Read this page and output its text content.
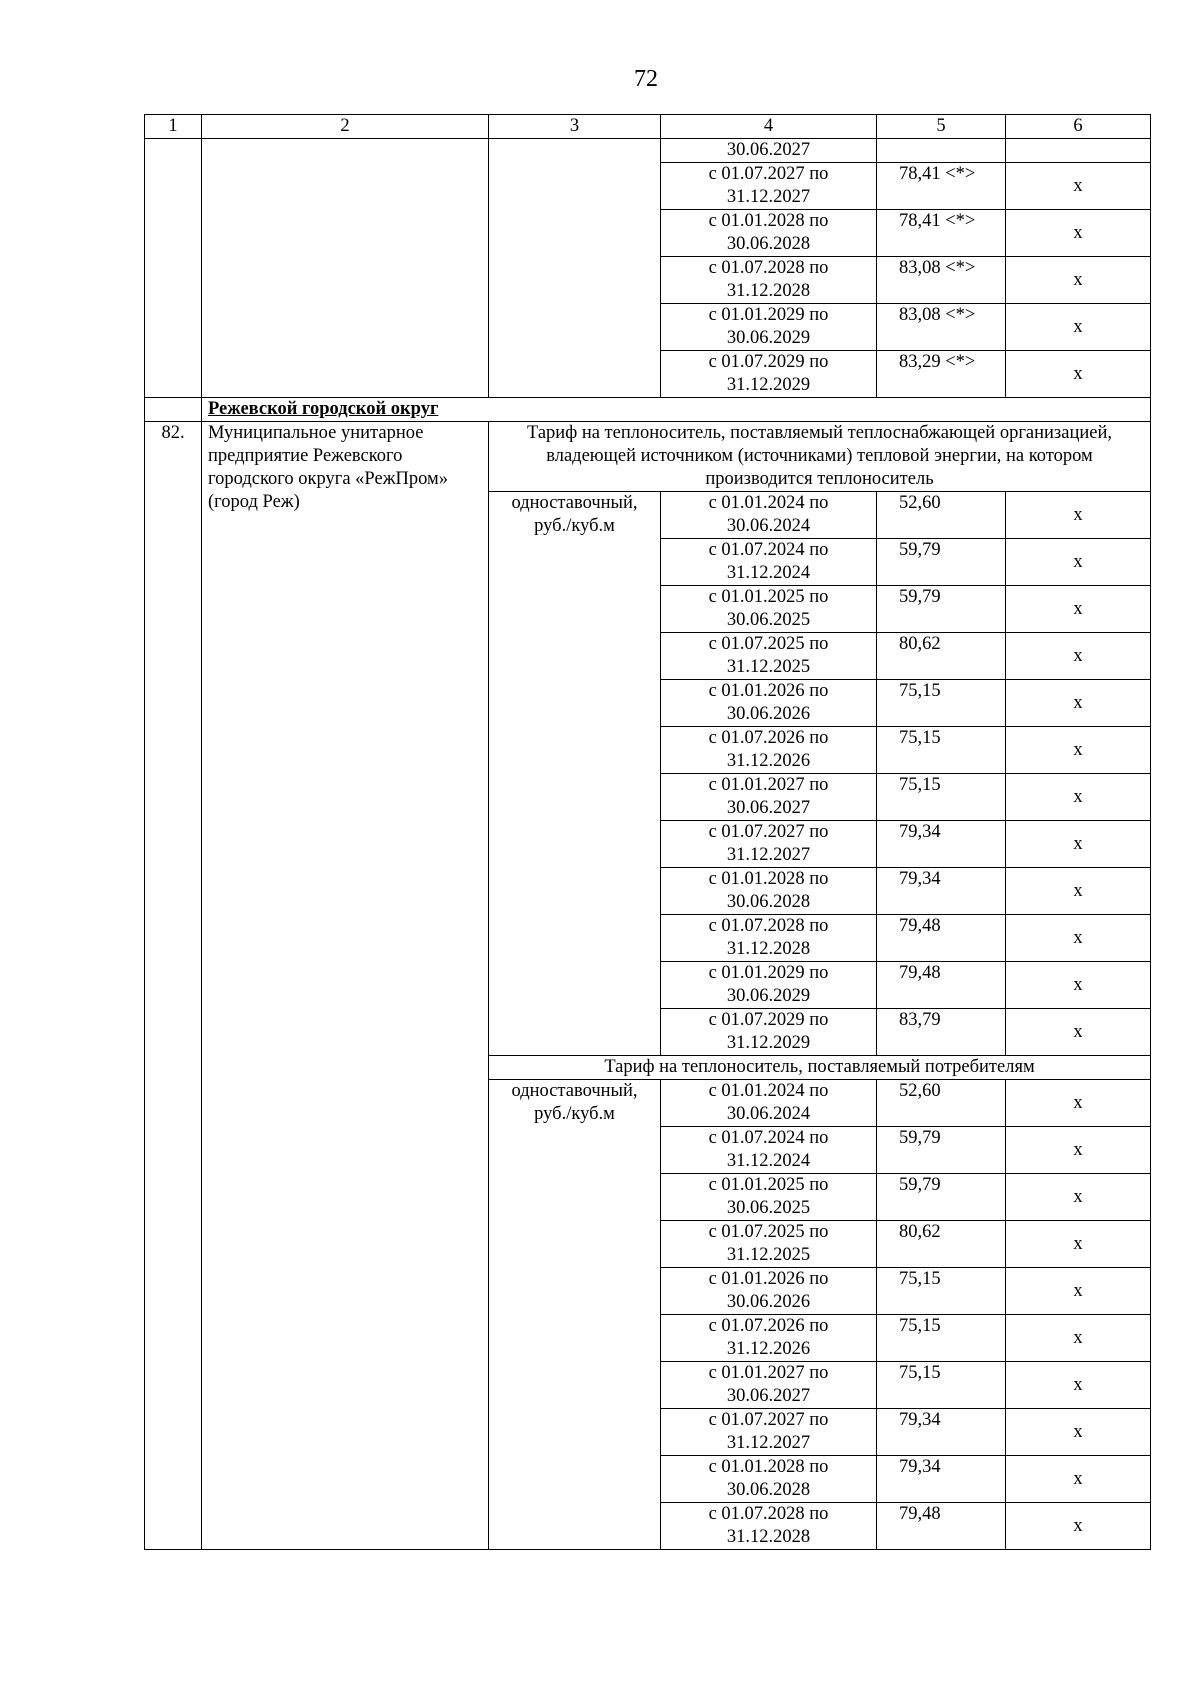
72
1	2	3	4	5	6
			30.06.2027		
			с 01.07.2027 по 31.12.2027	78,41 <*>	х
			с 01.01.2028 по 30.06.2028	78,41 <*>	х
			с 01.07.2028 по 31.12.2028	83,08 <*>	х
			с 01.01.2029 по 30.06.2029	83,08 <*>	х
			с 01.07.2029 по 31.12.2029	83,29 <*>	х
	Режевской городской округ				
82.	Муниципальное унитарное предприятие Режевского городского округа «РежПром» (город Реж)	Тариф на теплоноситель, поставляемый теплоснабжающей организацией, владеющей источником (источниками) тепловой энергии, на котором производится теплоноситель			
		одноставочный, руб./куб.м	с 01.01.2024 по 30.06.2024	52,60	х
			с 01.07.2024 по 31.12.2024	59,79	х
			с 01.01.2025 по 30.06.2025	59,79	х
			с 01.07.2025 по 31.12.2025	80,62	х
			с 01.01.2026 по 30.06.2026	75,15	х
			с 01.07.2026 по 31.12.2026	75,15	х
			с 01.01.2027 по 30.06.2027	75,15	х
			с 01.07.2027 по 31.12.2027	79,34	х
			с 01.01.2028 по 30.06.2028	79,34	х
			с 01.07.2028 по 31.12.2028	79,48	х
			с 01.01.2029 по 30.06.2029	79,48	х
			с 01.07.2029 по 31.12.2029	83,79	х
		Тариф на теплоноситель, поставляемый потребителям			
		одноставочный, руб./куб.м	с 01.01.2024 по 30.06.2024	52,60	х
			с 01.07.2024 по 31.12.2024	59,79	х
			с 01.01.2025 по 30.06.2025	59,79	х
			с 01.07.2025 по 31.12.2025	80,62	х
			с 01.01.2026 по 30.06.2026	75,15	х
			с 01.07.2026 по 31.12.2026	75,15	х
			с 01.01.2027 по 30.06.2027	75,15	х
			с 01.07.2027 по 31.12.2027	79,34	х
			с 01.01.2028 по 30.06.2028	79,34	х
			с 01.07.2028 по 31.12.2028	79,48	х
